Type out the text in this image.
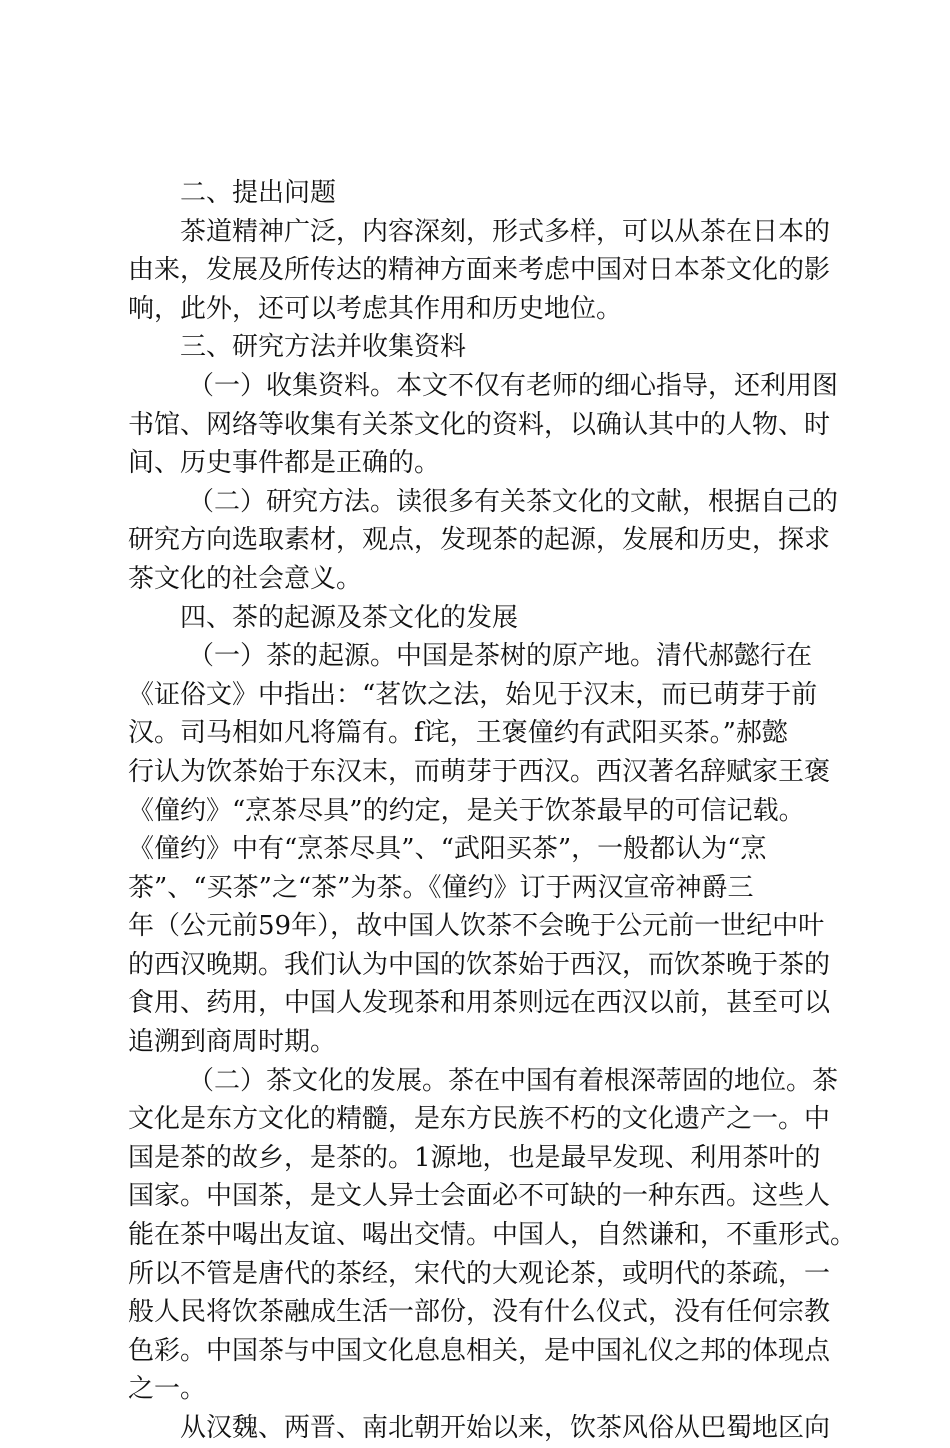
二、提出问题
茶道精神广泛，内容深刻，形式多样，可以从茶在日本的
由来，发展及所传达的精神方面来考虑中国对日本茶文化的影
响，此外，还可以考虑其作用和历史地位。
三、研究方法并收集资料
（一）收集资料。本文不仅有老师的细心指导，还利用图
书馆、网络等收集有关茶文化的资料，以确认其中的人物、时
间、历史事件都是正确的。
（二）研究方法。读很多有关茶文化的文献，根据自己的
研究方向选取素材，观点，发现茶的起源，发展和历史，探求
茶文化的社会意义。
四、茶的起源及茶文化的发展
（一）茶的起源。中国是茶树的原产地。清代郝懿行在
《证俗文》中指出：“茗饮之法，始见于汉末，而已萌芽于前
汉。司马相如凡将篇有。f诧，王褒僮约有武阳买茶。”郝懿
行认为饮茶始于东汉末，而萌芽于西汉。西汉著名辞赋家王褒
《僮约》“烹茶尽具”的约定，是关于饮茶最早的可信记载。
《僮约》中有“烹茶尽具”、“武阳买茶”，一般都认为“烹
茶”、“买茶”之“茶”为茶。《僮约》订于两汉宣帝神爵三
年（公元前59年），故中国人饮茶不会晚于公元前一世纪中叶
的西汉晚期。我们认为中国的饮茶始于西汉，而饮茶晚于茶的
食用、药用，中国人发现茶和用茶则远在西汉以前，甚至可以
追溯到商周时期。
（二）茶文化的发展。茶在中国有着根深蒂固的地位。茶
文化是东方文化的精髓，是东方民族不朽的文化遗产之一。中
国是茶的故乡，是茶的。1源地，也是最早发现、利用茶叶的
国家。中国茶，是文人异士会面必不可缺的一种东西。这些人
能在茶中喝出友谊、喝出交情。中国人，自然谦和，不重形式。
所以不管是唐代的茶经，宋代的大观论茶，或明代的茶疏，一
般人民将饮茶融成生活一部份，没有什么仪式，没有任何宗教
色彩。中国茶与中国文化息息相关，是中国礼仪之邦的体现点
之一。
从汉魏、两晋、南北朝开始以来，饮茶风俗从巴蜀地区向
